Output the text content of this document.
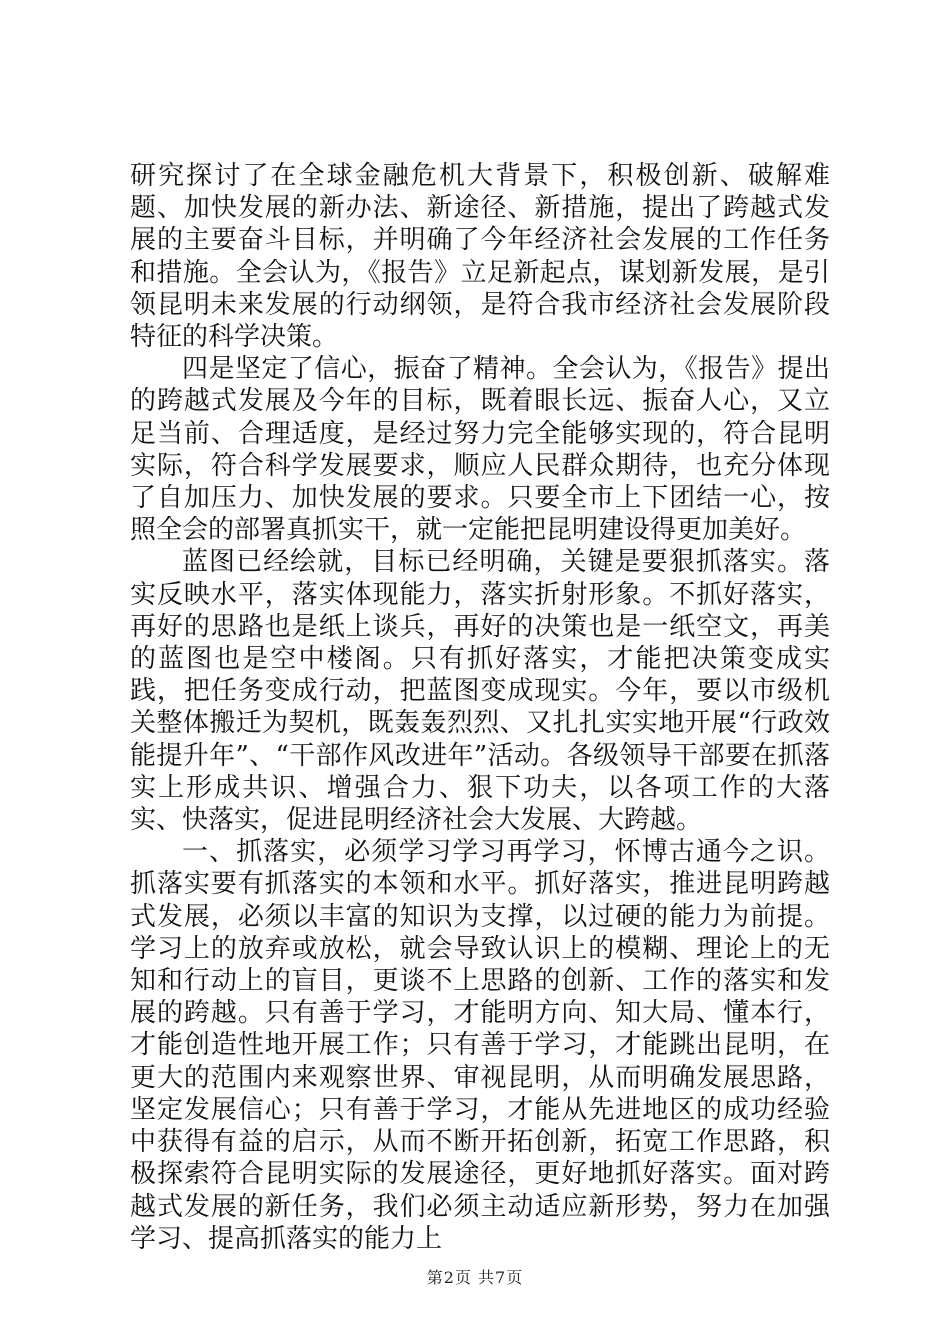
研究探讨了在全球金融危机大背景下，积极创新、破解难题、加快发展的新办法、新途径、新措施，提出了跨越式发展的主要奋斗目标，并明确了今年经济社会发展的工作任务和措施。全会认为，《报告》立足新起点，谋划新发展，是引领昆明未来发展的行动纲领，是符合我市经济社会发展阶段特征的科学决策。

四是坚定了信心，振奋了精神。全会认为，《报告》提出的跨越式发展及今年的目标，既着眼长远、振奋人心，又立足当前、合理适度，是经过努力完全能够实现的，符合昆明实际，符合科学发展要求，顺应人民群众期待，也充分体现了自加压力、加快发展的要求。只要全市上下团结一心，按照全会的部署真抓实干，就一定能把昆明建设得更加美好。

蓝图已经绘就，目标已经明确，关键是要狠抓落实。落实反映水平，落实体现能力，落实折射形象。不抓好落实，再好的思路也是纸上谈兵，再好的决策也是一纸空文，再美的蓝图也是空中楼阁。只有抓好落实，才能把决策变成实践，把任务变成行动，把蓝图变成现实。今年，要以市级机关整体搬迁为契机，既轰轰烈烈、又扎扎实实地开展“行政效能提升年”、“干部作风改进年”活动。各级领导干部要在抓落实上形成共识、增强合力、狠下功夫，以各项工作的大落实、快落实，促进昆明经济社会大发展、大跨越。

一、抓落实，必须学习学习再学习，怀博古通今之识。抓落实要有抓落实的本领和水平。抓好落实，推进昆明跨越式发展，必须以丰富的知识为支撑，以过硬的能力为前提。学习上的放弃或放松，就会导致认识上的模糊、理论上的无知和行动上的盲目，更谈不上思路的创新、工作的落实和发展的跨越。只有善于学习，才能明方向、知大局、懂本行，才能创造性地开展工作；只有善于学习，才能跳出昆明，在更大的范围内来观察世界、审视昆明，从而明确发展思路，坚定发展信心；只有善于学习，才能从先进地区的成功经验中获得有益的启示，从而不断开拓创新，拓宽工作思路，积极探索符合昆明实际的发展途径，更好地抓好落实。面对跨越式发展的新任务，我们必须主动适应新形势，努力在加强学习、提高抓落实的能力上

第2页 共7页
